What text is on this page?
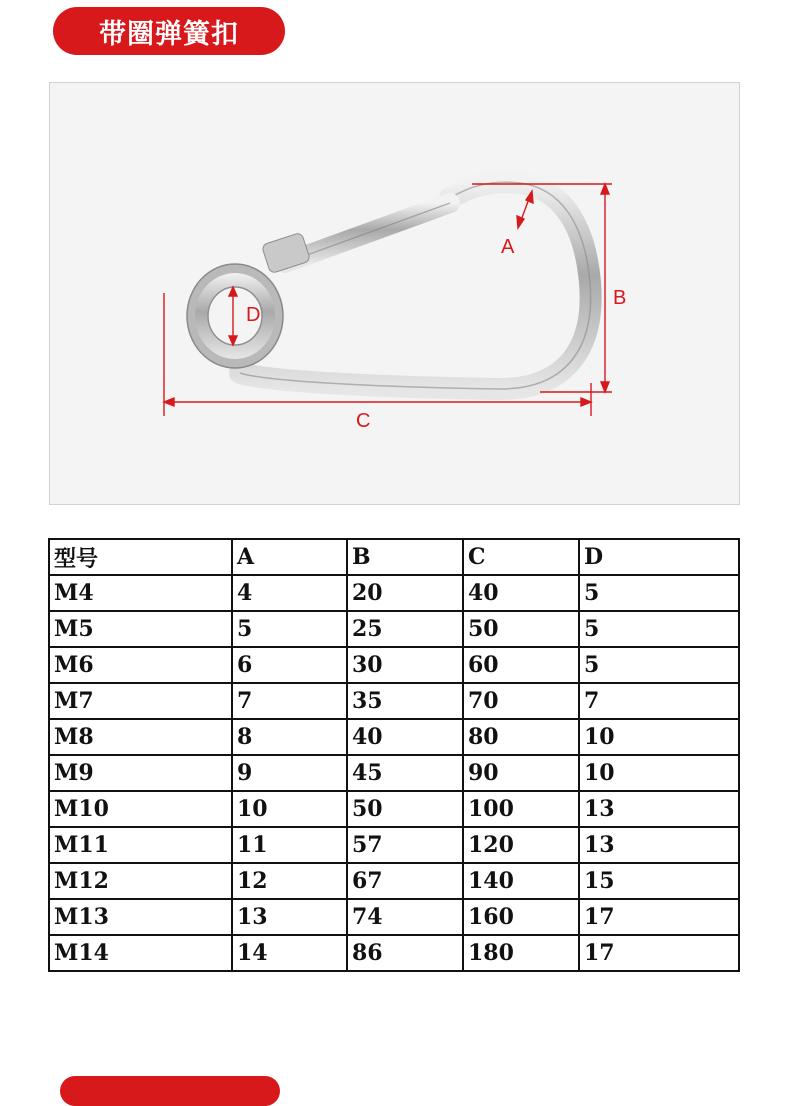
带圈弹簧扣
A
B
C
D
型号	A	B	C	D
M4	4	20	40	5
M5	5	25	50	5
M6	6	30	60	5
M7	7	35	70	7
M8	8	40	80	10
M9	9	45	90	10
M10	10	50	100	13
M11	11	57	120	13
M12	12	67	140	15
M13	13	74	160	17
M14	14	86	180	17
